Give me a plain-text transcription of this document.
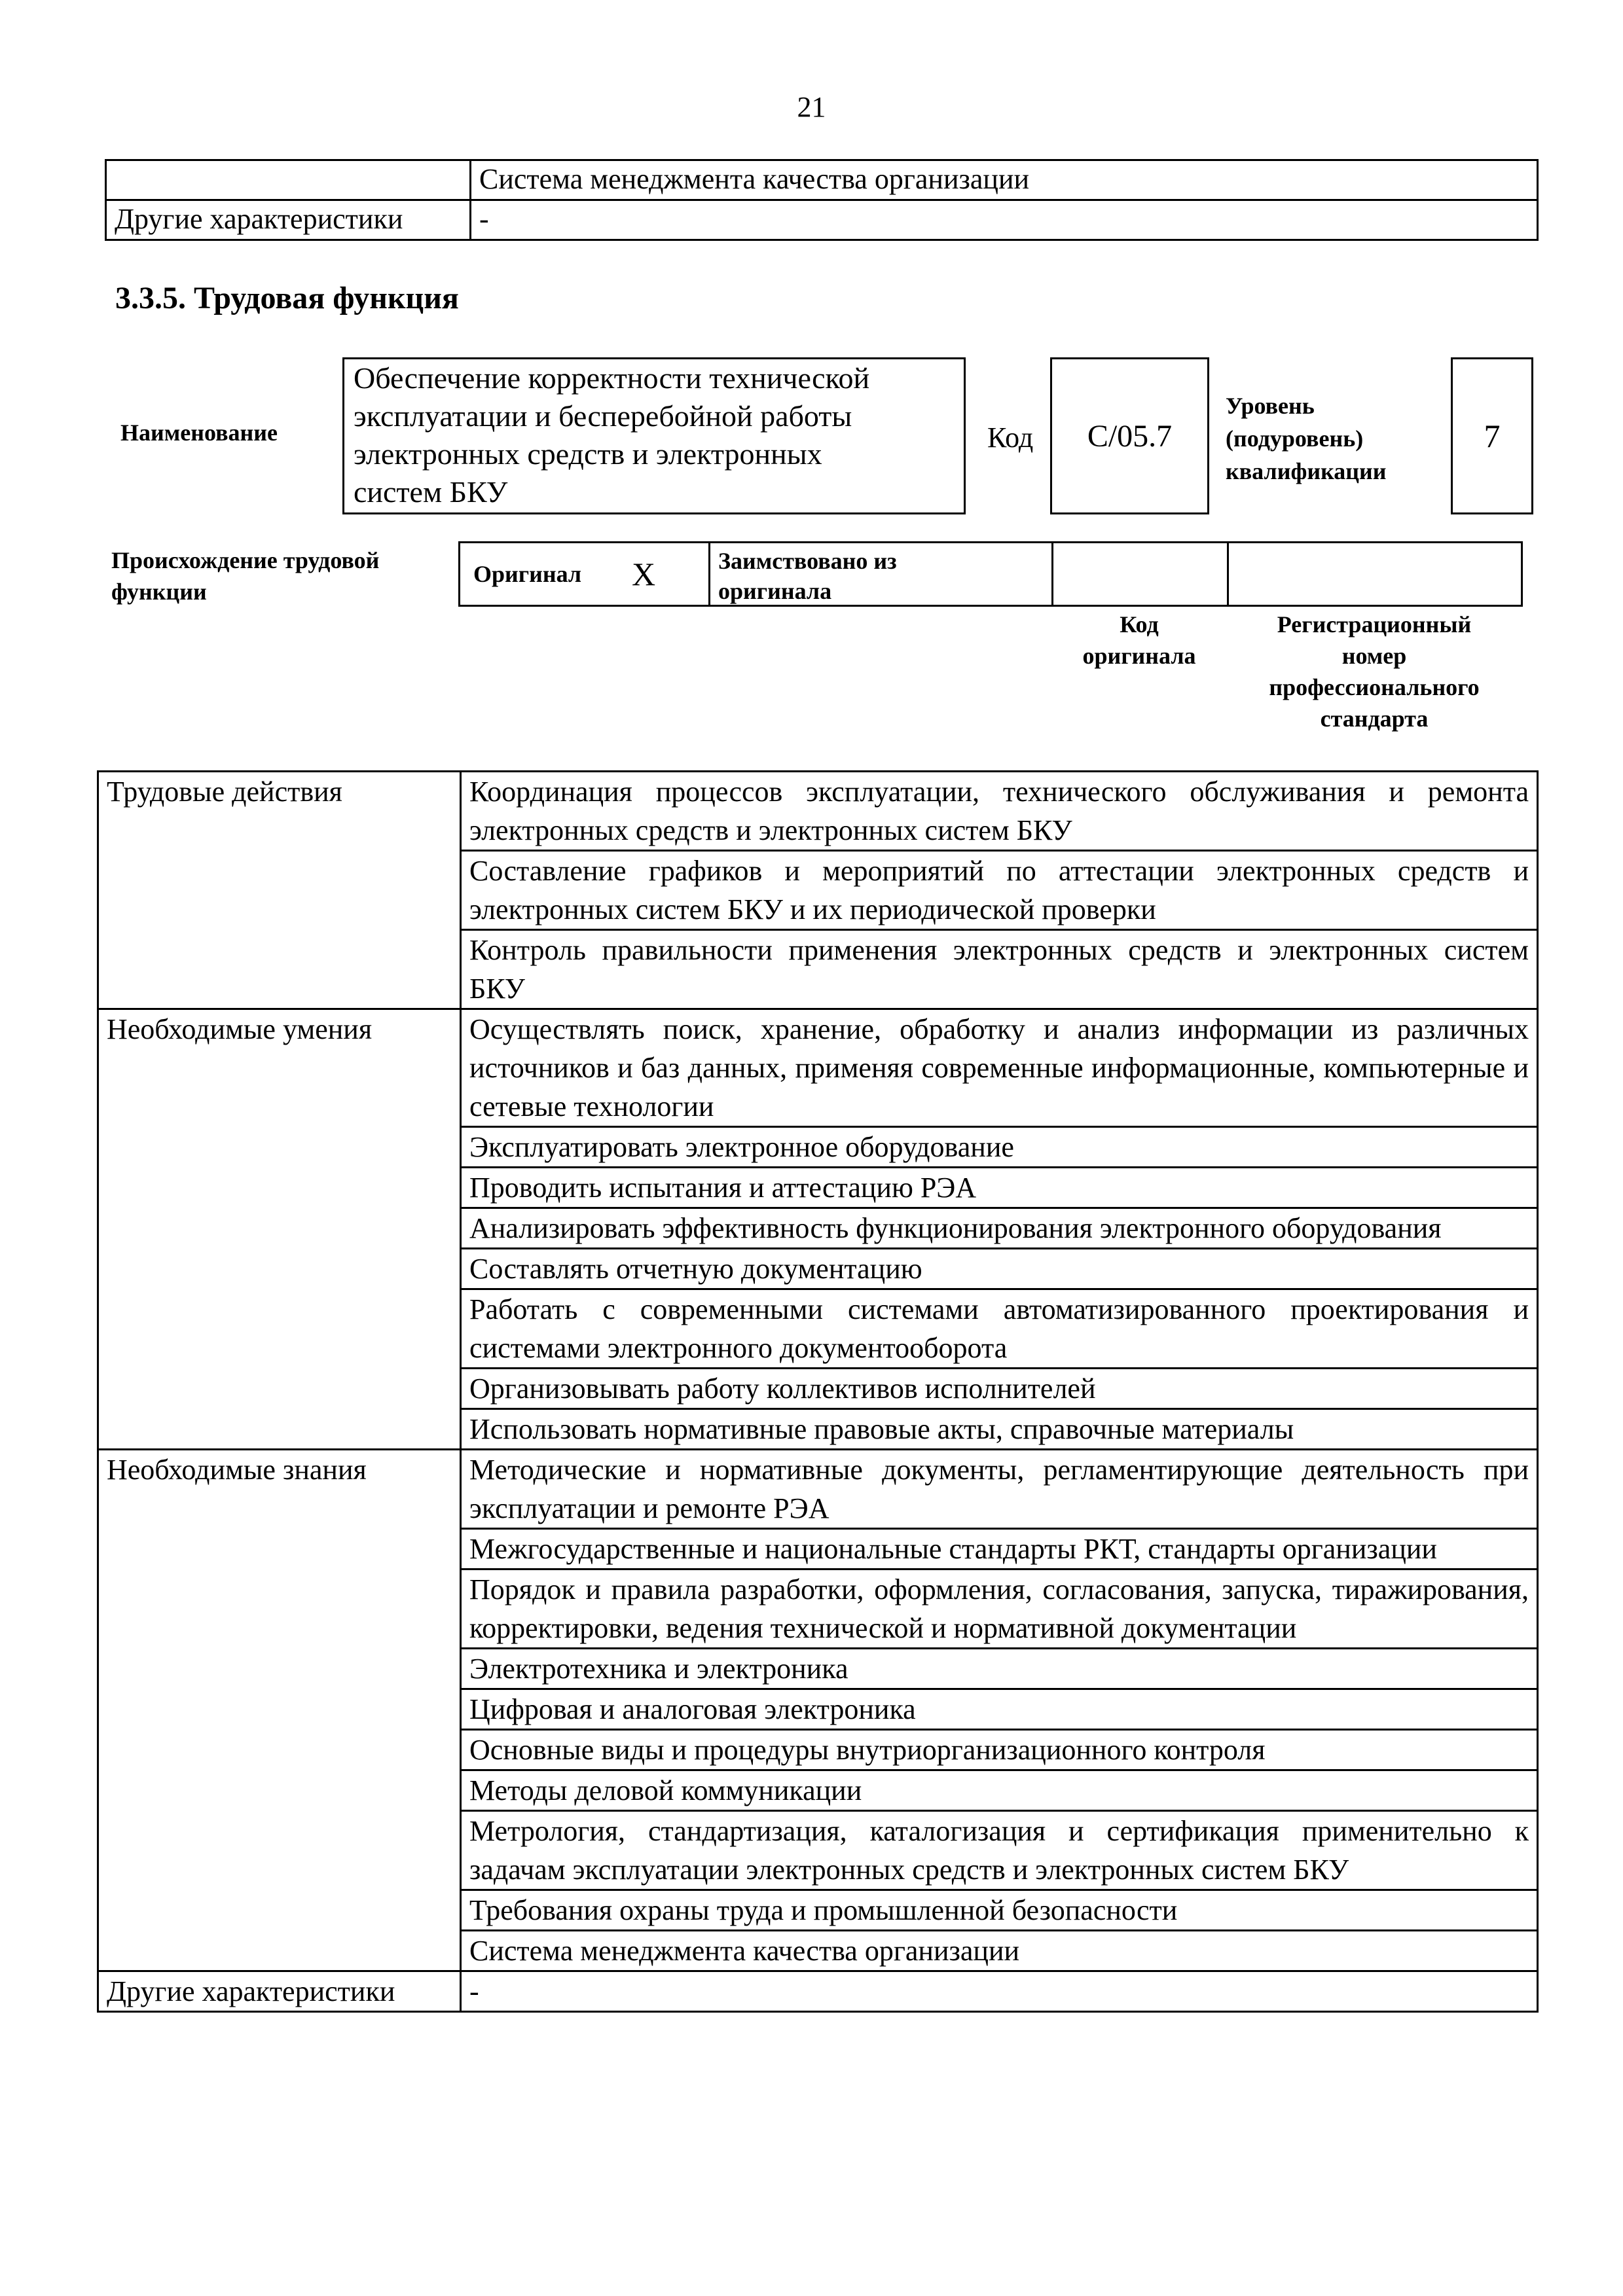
21
	Система менеджмента качества организации
Другие характеристики	-
3.3.5. Трудовая функция
Наименование
Обеспечение корректности технической
эксплуатации и бесперебойной работы
электронных средств и электронных
систем БКУ
Код	С/05.7
Уровень
(подуровень)
квалификации
7
Происхождение трудовой
функции
Оригинал X	Заимствовано из
оригинала
Код
оригинала
Регистрационный
номер
профессионального
стандарта
Трудовые действия	Координация процессов эксплуатации, технического обслуживания и ремонта электронных средств и электронных систем БКУ
	Составление графиков и мероприятий по аттестации электронных средств и электронных систем БКУ и их периодической проверки
	Контроль правильности применения электронных средств и электронных систем БКУ
Необходимые умения	Осуществлять поиск, хранение, обработку и анализ информации из различных источников и баз данных, применяя современные информационные, компьютерные и сетевые технологии
	Эксплуатировать электронное оборудование
	Проводить испытания и аттестацию РЭА
	Анализировать эффективность функционирования электронного оборудования
	Составлять отчетную документацию
	Работать с современными системами автоматизированного проектирования и системами электронного документооборота
	Организовывать работу коллективов исполнителей
	Использовать нормативные правовые акты, справочные материалы
Необходимые знания	Методические и нормативные документы, регламентирующие деятельность при эксплуатации и ремонте РЭА
	Межгосударственные и национальные стандарты РКТ, стандарты организации
	Порядок и правила разработки, оформления, согласования, запуска, тиражирования, корректировки, ведения технической и нормативной документации
	Электротехника и электроника
	Цифровая и аналоговая электроника
	Основные виды и процедуры внутриорганизационного контроля
	Методы деловой коммуникации
	Метрология, стандартизация, каталогизация и сертификация применительно к задачам эксплуатации электронных средств и электронных систем БКУ
	Требования охраны труда и промышленной безопасности
	Система менеджмента качества организации
Другие характеристики	-
